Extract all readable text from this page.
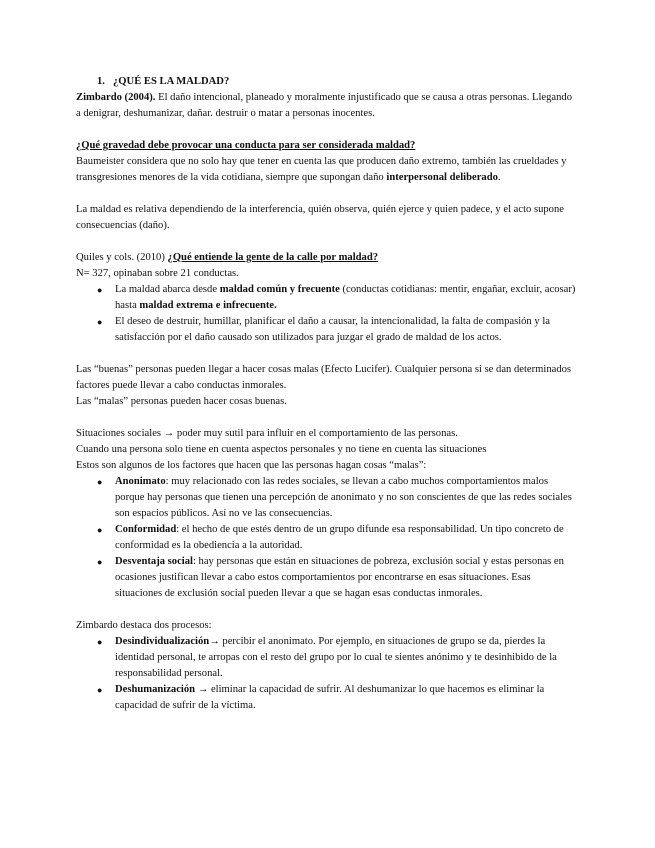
1. ¿QUÉ ES LA MALDAD?

Zimbardo (2004). El daño intencional, planeado y moralmente injustificado que se causa a otras personas. Llegando a denigrar, deshumanizar, dañar. destruir o matar a personas inocentes.

¿Qué gravedad debe provocar una conducta para ser considerada maldad?

Baumeister considera que no solo hay que tener en cuenta las que producen daño extremo, también las crueldades y transgresiones menores de la vida cotidiana, siempre que supongan daño interpersonal deliberado.

La maldad es relativa dependiendo de la interferencia, quién observa, quién ejerce y quien padece, y el acto supone consecuencias (daño).

Quiles y cols. (2010) ¿Qué entiende la gente de la calle por maldad?

N= 327, opinaban sobre 21 conductas.

● La maldad abarca desde maldad común y frecuente (conductas cotidianas: mentir, engañar, excluir, acosar) hasta maldad extrema e infrecuente.
● El deseo de destruir, humillar, planificar el daño a causar, la intencionalidad, la falta de compasión y la satisfacción por el daño causado son utilizados para juzgar el grado de maldad de los actos.

Las “buenas” personas pueden llegar a hacer cosas malas (Efecto Lucifer). Cualquier persona si se dan determinados factores puede llevar a cabo conductas inmorales.

Las “malas” personas pueden hacer cosas buenas.

Situaciones sociales → poder muy sutil para influir en el comportamiento de las personas.

Cuando una persona solo tiene en cuenta aspectos personales y no tiene en cuenta las situaciones

Estos son algunos de los factores que hacen que las personas hagan cosas “malas”:

● Anonimato: muy relacionado con las redes sociales, se llevan a cabo muchos comportamientos malos porque hay personas que tienen una percepción de anonimato y no son conscientes de que las redes sociales son espacios públicos. Así no ve las consecuencias.
● Conformidad: el hecho de que estés dentro de un grupo difunde esa responsabilidad. Un tipo concreto de conformidad es la obediencia a la autoridad.
● Desventaja social: hay personas que están en situaciones de pobreza, exclusión social y estas personas en ocasiones justifican llevar a cabo estos comportamientos por encontrarse en esas situaciones. Esas situaciones de exclusión social pueden llevar a que se hagan esas conductas inmorales.

Zimbardo destaca dos procesos:

● Desindividualización→ percibir el anonimato. Por ejemplo, en situaciones de grupo se da, pierdes la identidad personal, te arropas con el resto del grupo por lo cual te sientes anónimo y te desinhibido de la responsabilidad personal.
● Deshumanización → eliminar la capacidad de sufrir. Al deshumanizar lo que hacemos es eliminar la capacidad de sufrir de la víctima.
